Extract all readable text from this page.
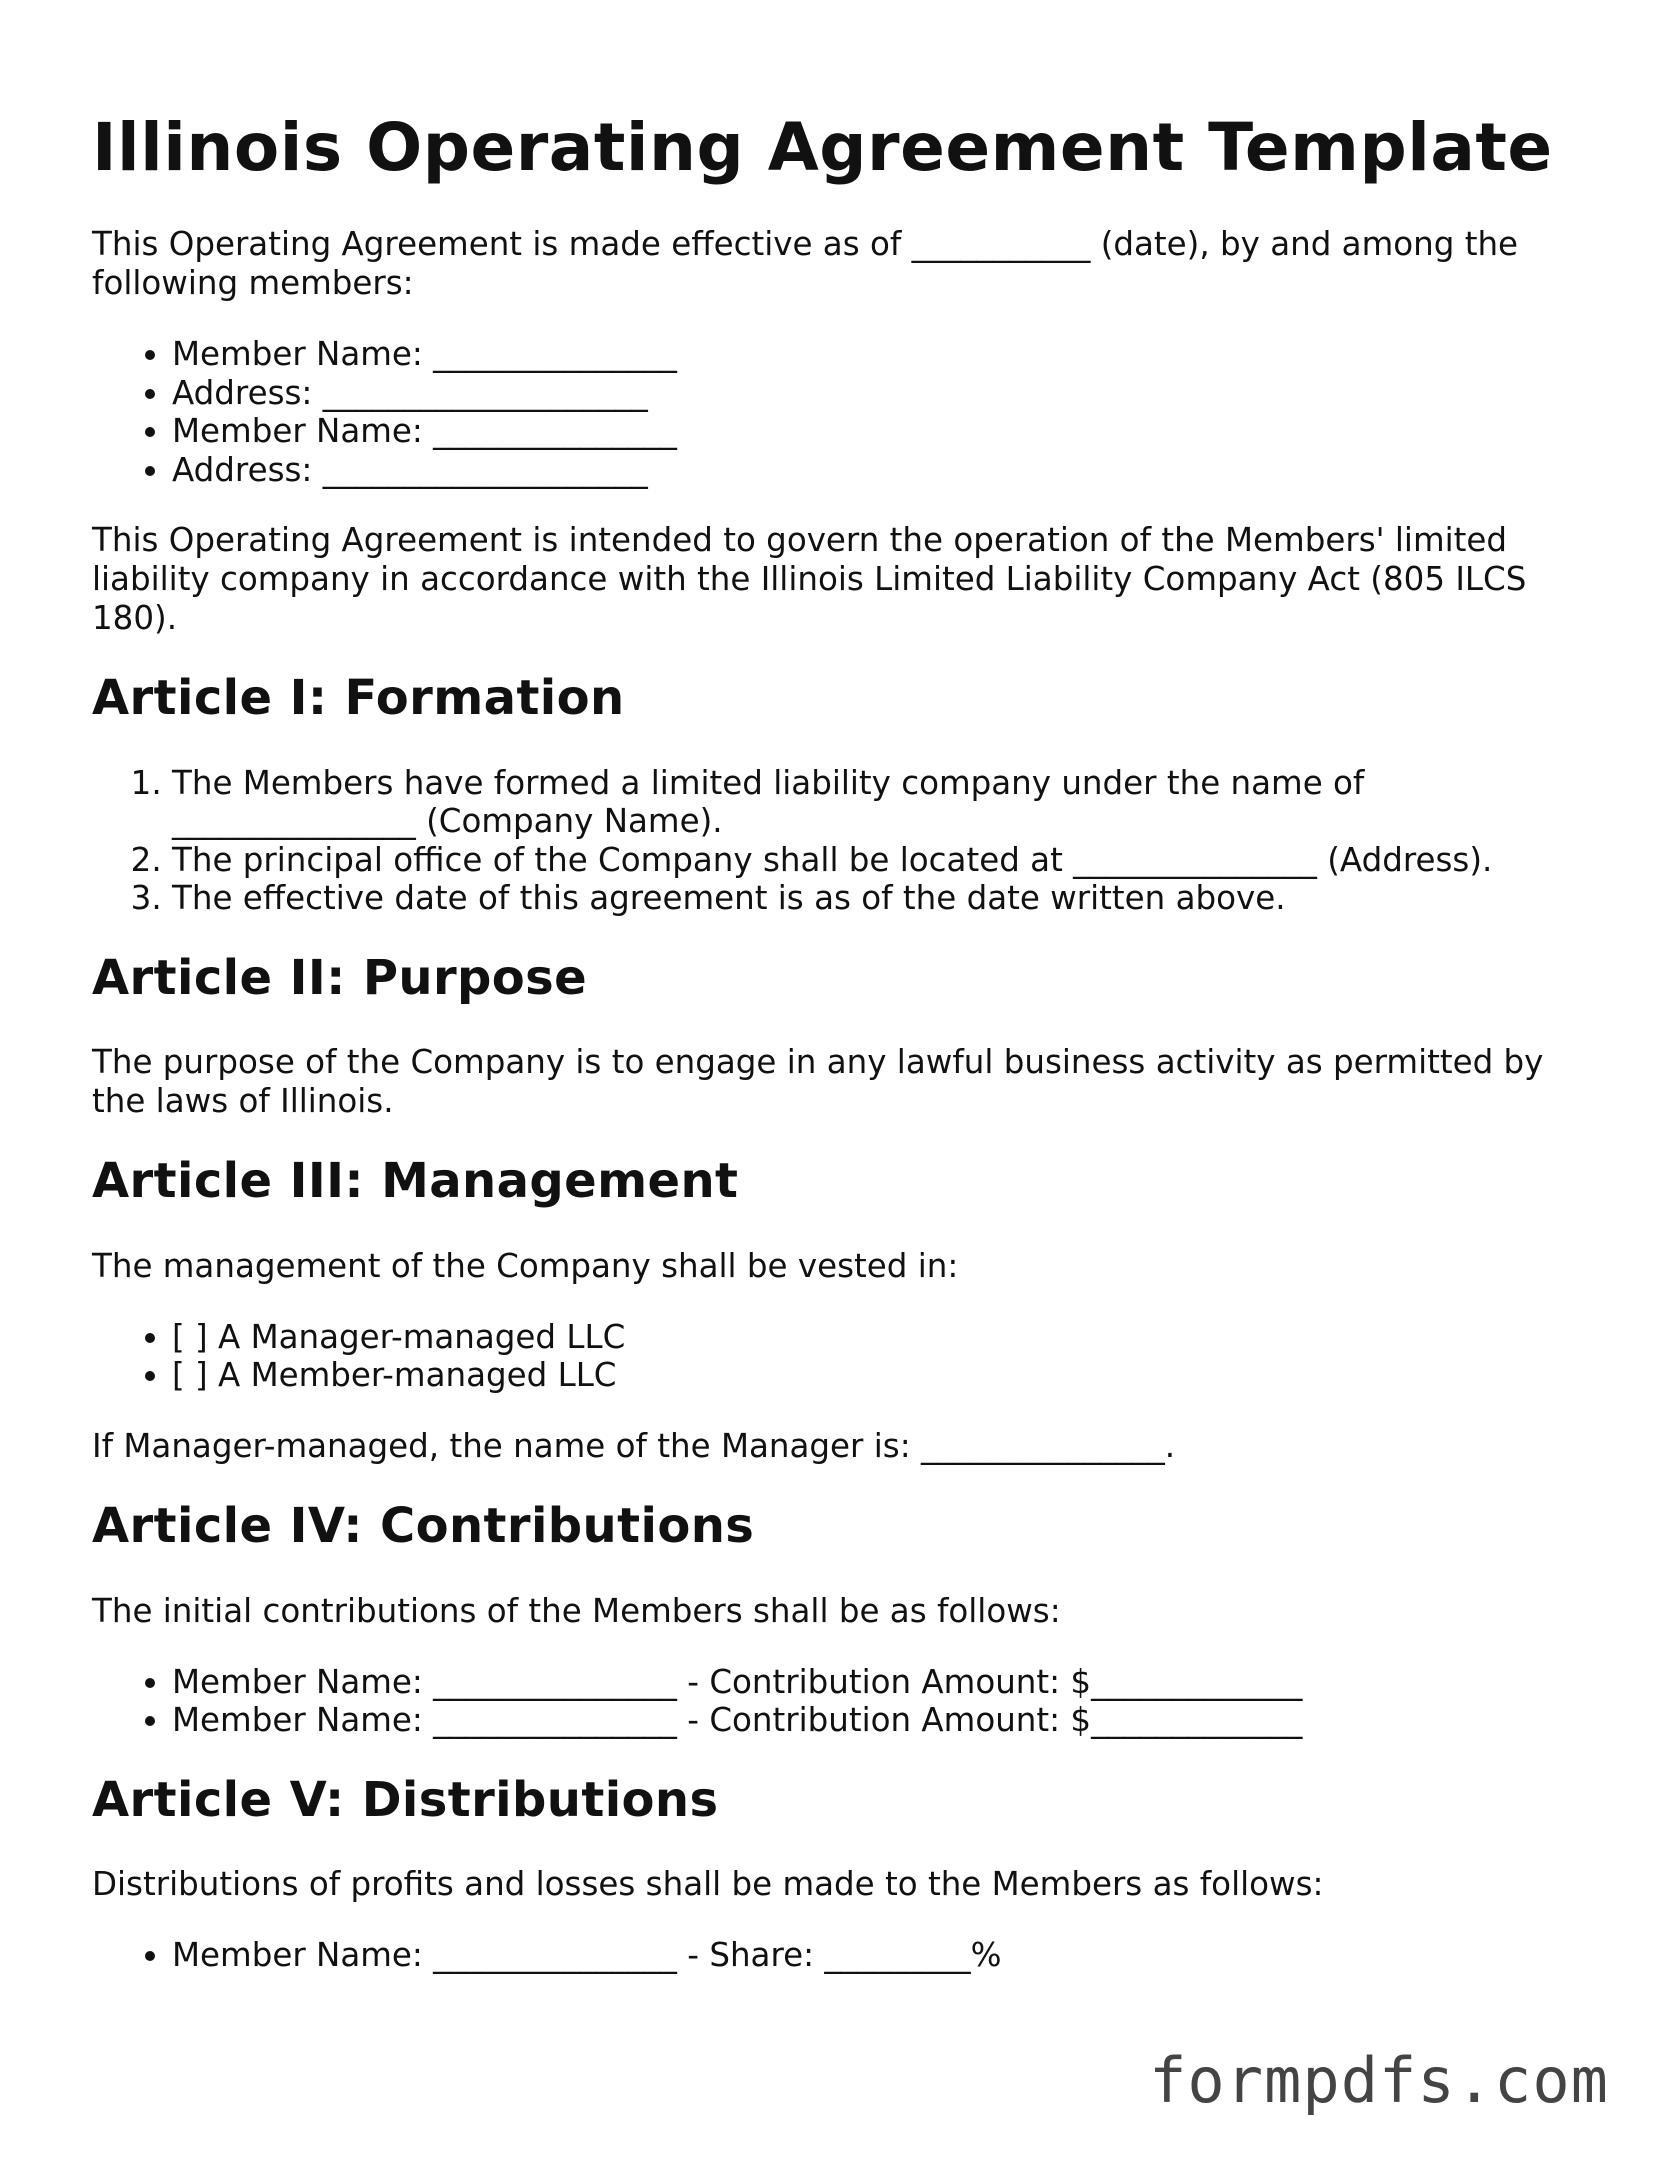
Illinois Operating Agreement Template

This Operating Agreement is made effective as of ___________ (date), by and among the following members:

• Member Name: _______________
• Address: ____________________
• Member Name: _______________
• Address: ____________________

This Operating Agreement is intended to govern the operation of the Members' limited liability company in accordance with the Illinois Limited Liability Company Act (805 ILCS 180).

Article I: Formation
1. The Members have formed a limited liability company under the name of _______________ (Company Name).
2. The principal office of the Company shall be located at _______________ (Address).
3. The effective date of this agreement is as of the date written above.
Article II: Purpose

The purpose of the Company is to engage in any lawful business activity as permitted by the laws of Illinois.

Article III: Management

The management of the Company shall be vested in:

• [ ] A Manager-managed LLC
• [ ] A Member-managed LLC

If Manager-managed, the name of the Manager is: _______________.

Article IV: Contributions

The initial contributions of the Members shall be as follows:

• Member Name: _______________ - Contribution Amount: $_____________
• Member Name: _______________ - Contribution Amount: $_____________
Article V: Distributions

Distributions of profits and losses shall be made to the Members as follows:

• Member Name: _______________ - Share: _________%
formpdfs.com
